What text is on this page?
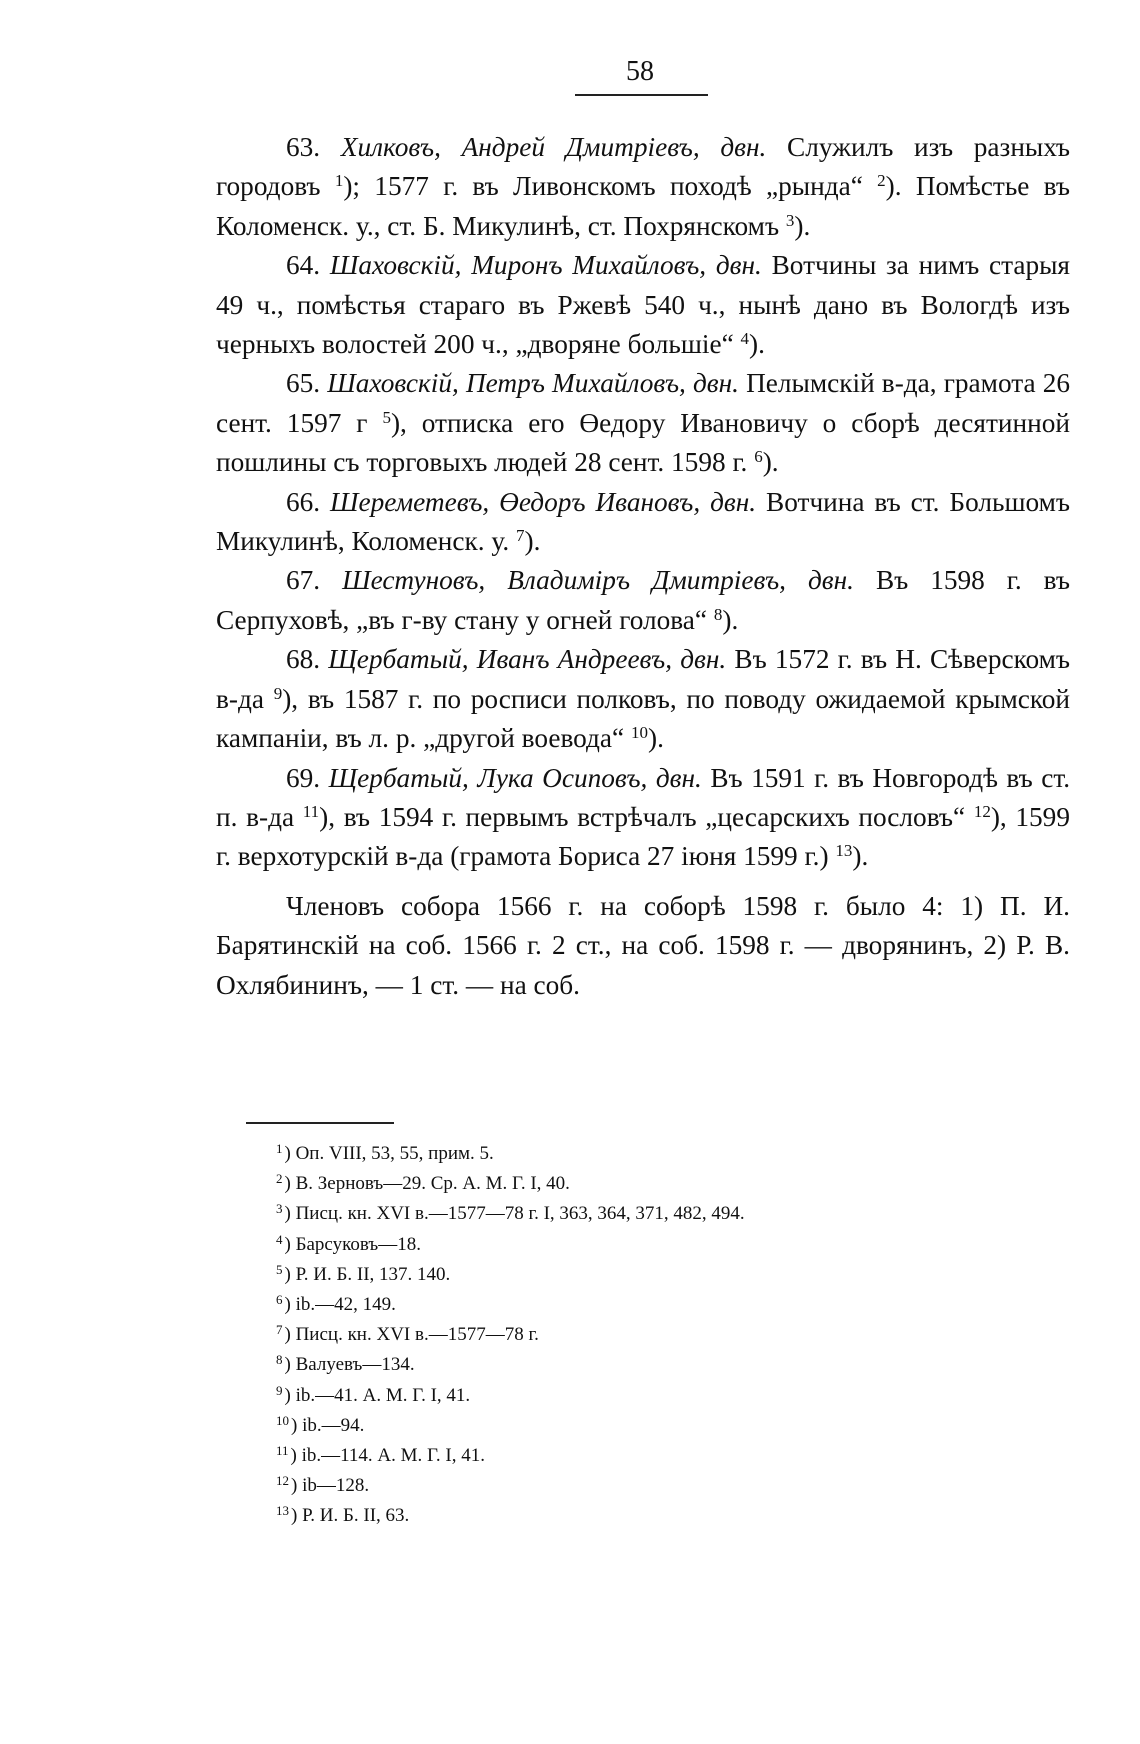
58

63. Хилковъ, Андрей Дмитрiевъ, двн. Служилъ изъ разныхъ городовъ $^1$); 1577 г. въ Ливонскомъ походѣ „рында“ $^2$). Помѣстье въ Коломенск. у., ст. Б. Микулинѣ, ст. Похрянскомъ $^3$).

64. Шаховскiй, Миронъ Михайловъ, двн. Вотчины за нимъ старыя 49 ч., помѣстья стараго въ Ржевѣ 540 ч., нынѣ дано въ Вологдѣ изъ черныхъ волостей 200 ч., „дворяне большiе“ $^4$).

65. Шаховскiй, Петръ Михайловъ, двн. Пелымскiй в-да, грамота 26 сент. 1597 г $^5$), отписка его Өедору Ивановичу о сборѣ десятинной пошлины съ торговыхъ людей 28 сент. 1598 г. $^6$).

66. Шереметевъ, Өедоръ Ивановъ, двн. Вотчина въ ст. Большомъ Микулинѣ, Коломенск. у. $^7$).

67. Шестуновъ, Владимiръ Дмитрiевъ, двн. Въ 1598 г. въ Серпуховѣ, „въ г-ву стану у огней голова“ $^8$).

68. Щербатый, Иванъ Андреевъ, двн. Въ 1572 г. въ Н. Сѣверскомъ в-да $^9$), въ 1587 г. по росписи полковъ, по поводу ожидаемой крымской кампанiи, въ л. р. „другой воевода“ $^{10}$).

69. Щербатый, Лука Осиповъ, двн. Въ 1591 г. въ Новгородѣ въ ст. п. в-да $^{11}$), въ 1594 г. первымъ встрѣчалъ „цесарскихъ пословъ“ $^{12}$), 1599 г. верхотурскiй в-да (грамота Бориса 27 iюня 1599 г.) $^{13}$).

Членовъ собора 1566 г. на соборѣ 1598 г. было 4: 1) П. И. Барятинскiй на соб. 1566 г. 2 ст., на соб. 1598 г. — дворянинъ, 2) Р. В. Охлябининъ, — 1 ст. — на соб.

$^1$ ) Оп. VIII, 53, 55, прим. 5.
$^2$ ) В. Зерновъ—29. Ср. А. М. Г. I, 40.
$^3$ ) Писц. кн. XVI в.—1577—78 г. I, 363, 364, 371, 482, 494.
$^4$ ) Барсуковъ—18.
$^5$ ) Р. И. Б. II, 137. 140.
$^6$ ) ib.—42, 149.
$^7$ ) Писц. кн. XVI в.—1577—78 г.
$^8$ ) Валуевъ—134.
$^9$ ) ib.—41. А. М. Г. I, 41.
$^{10}$ ) ib.—94.
$^{11}$ ) ib.—114. А. М. Г. I, 41.
$^{12}$ ) ib—128.
$^{13}$ ) Р. И. Б. II, 63.
